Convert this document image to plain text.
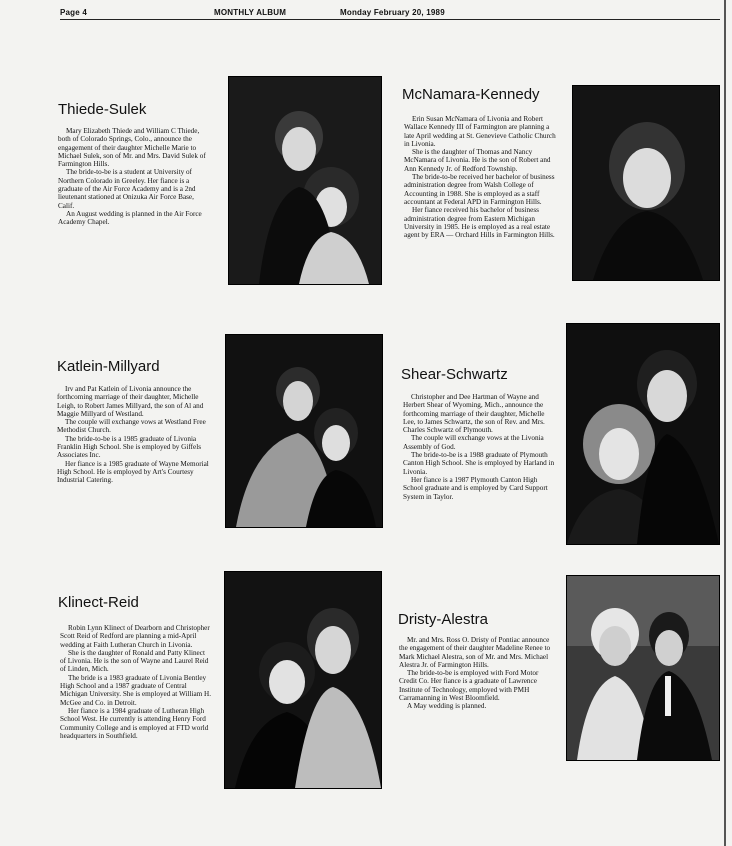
Page 4	MONTHLY ALBUM	Monday February 20, 1989
Thiede-Sulek

Mary Elizabeth Thiede and William C Thiede, both of Colorado Springs, Colo., announce the engagement of their daughter Michelle Marie to Michael Sulek, son of Mr. and Mrs. David Sulek of Farmington Hills.

The bride-to-be is a student at University of Northern Colorado in Greeley. Her fiance is a graduate of the Air Force Academy and is a 2nd lieutenant stationed at Onizuka Air Force Base, Calif.

An August wedding is planned in the Air Force Academy Chapel.

McNamara-Kennedy

Erin Susan McNamara of Livonia and Robert Wallace Kennedy III of Farmington are planning a late April wedding at St. Genevieve Catholic Church in Livonia.

She is the daughter of Thomas and Nancy McNamara of Livonia. He is the son of Robert and Ann Kennedy Jr. of Redford Township.

The bride-to-be received her bachelor of business administration degree from Walsh College of Accounting in 1988. She is employed as a staff accountant at Federal APD in Farmington Hills.

Her fiance received his bachelor of business administration degree from Eastern Michigan University in 1985. He is employed as a real estate agent by ERA — Orchard Hills in Farmington Hills.

Katlein-Millyard

Irv and Pat Katlein of Livonia announce the forthcoming marriage of their daughter, Michelle Leigh, to Robert James Millyard, the son of Al and Maggie Millyard of Westland.

The couple will exchange vows at Westland Free Methodist Church.

The bride-to-be is a 1985 graduate of Livonia Franklin High School. She is employed by Giffels Associates Inc.

Her fiance is a 1985 graduate of Wayne Memorial High School. He is employed by Art's Courtesy Industrial Catering.

Shear-Schwartz

Christopher and Dee Hartman of Wayne and Herbert Shear of Wyoming, Mich., announce the forthcoming marriage of their daughter, Michelle Lee, to James Schwartz, the son of Rev. and Mrs. Charles Schwartz of Plymouth.

The couple will exchange vows at the Livonia Assembly of God.

The bride-to-be is a 1988 graduate of Plymouth Canton High School. She is employed by Harland in Livonia.

Her fiance is a 1987 Plymouth Canton High School graduate and is employed by Card Support System in Taylor.

Klinect-Reid

Robin Lynn Klinect of Dearborn and Christopher Scott Reid of Redford are planning a mid-April wedding at Faith Lutheran Church in Livonia.

She is the daughter of Ronald and Patty Klinect of Livonia. He is the son of Wayne and Laurel Reid of Linden, Mich.

The bride is a 1983 graduate of Livonia Bentley High School and a 1987 graduate of Central Michigan University. She is employed at William H. McGee and Co. in Detroit.

Her fiance is a 1984 graduate of Lutheran High School West. He currently is attending Henry Ford Community College and is employed at FTD world headquarters in Southfield.

Dristy-Alestra

Mr. and Mrs. Ross O. Dristy of Pontiac announce the engagement of their daughter Madeline Renee to Mark Michael Alestra, son of Mr. and Mrs. Michael Alestra Jr. of Farmington Hills.

The bride-to-be is employed with Ford Motor Credit Co. Her fiance is a graduate of Lawrence Institute of Technology, employed with PMH Carramanning in West Bloomfield.

A May wedding is planned.
